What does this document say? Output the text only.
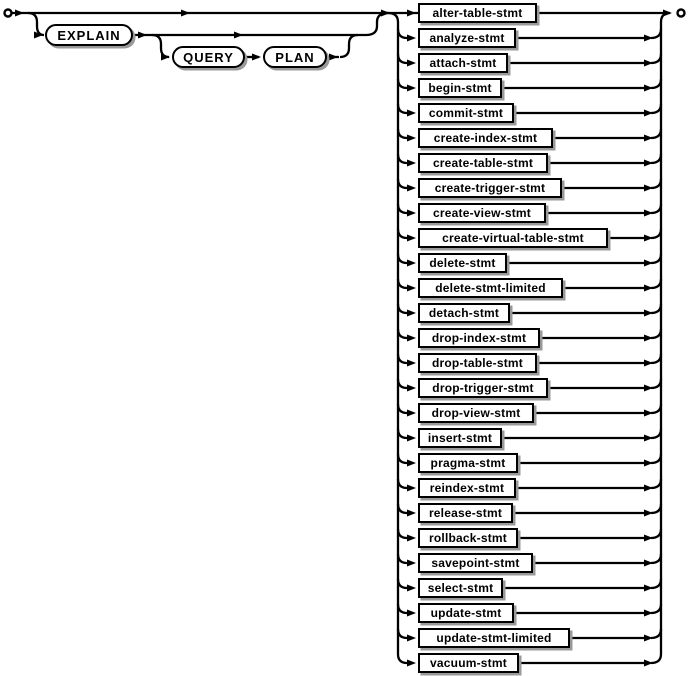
EXPLAIN
QUERY	PLAN
alter-table-stmt
analyze-stmt
attach-stmt
begin-stmt
commit-stmt
create-index-stmt
create-table-stmt
create-trigger-stmt
create-view-stmt
create-virtual-table-stmt
delete-stmt
delete-stmt-limited
detach-stmt
drop-index-stmt
drop-table-stmt
drop-trigger-stmt
drop-view-stmt
insert-stmt
pragma-stmt
reindex-stmt
release-stmt
rollback-stmt
savepoint-stmt
select-stmt
update-stmt
update-stmt-limited
vacuum-stmt
